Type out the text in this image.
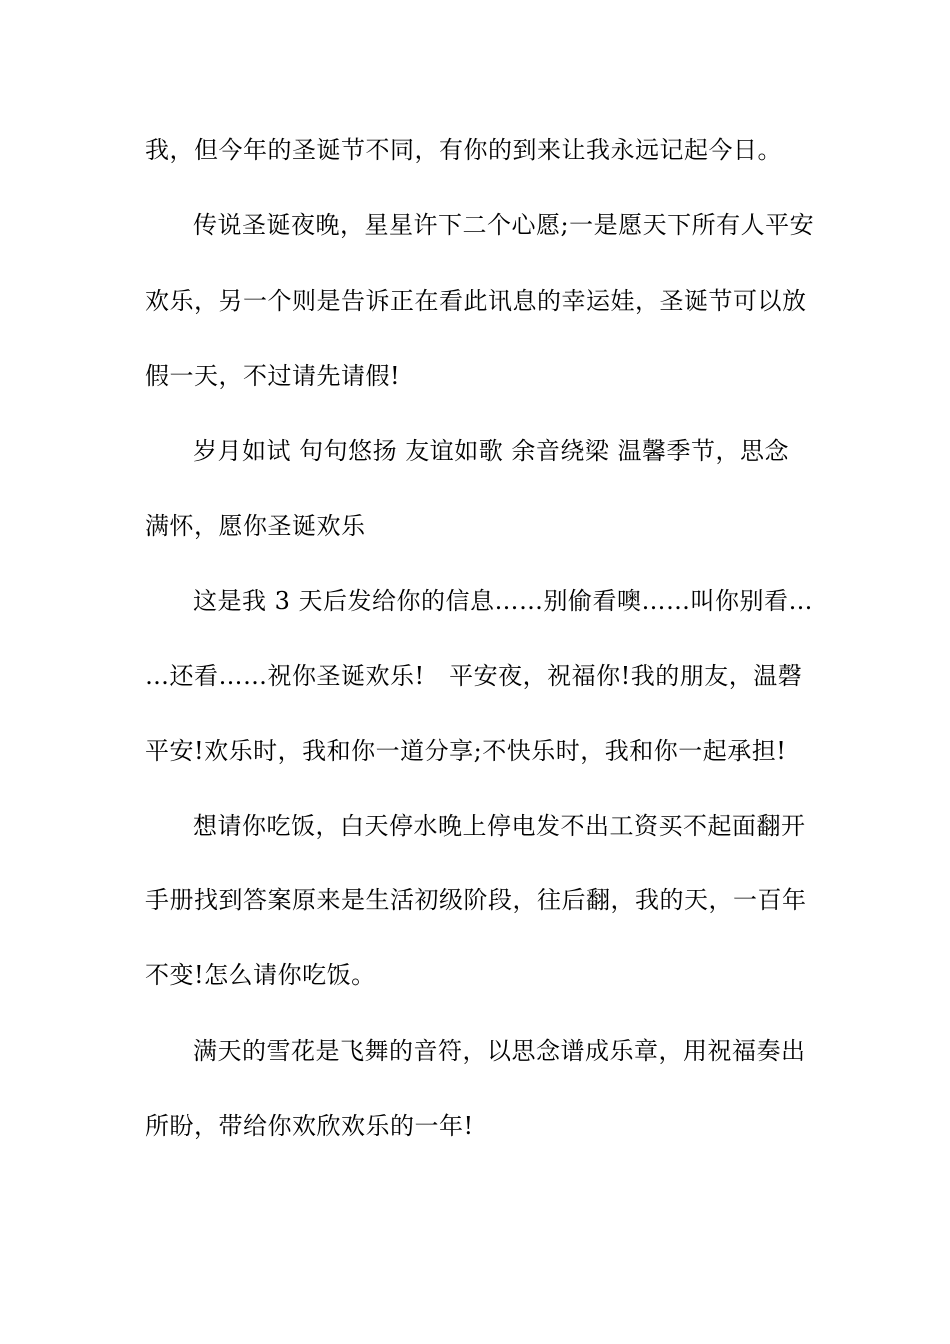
我，但今年的圣诞节不同，有你的到来让我永远记起今日。
传说圣诞夜晚，星星许下二个心愿;一是愿天下所有人平安
欢乐，另一个则是告诉正在看此讯息的幸运娃，圣诞节可以放
假一天，不过请先请假!
岁月如试 句句悠扬 友谊如歌 余音绕梁 温馨季节，思念
满怀，愿你圣诞欢乐
这是我 3 天后发给你的信息……别偷看噢……叫你别看…
…还看……祝你圣诞欢乐!　平安夜，祝福你!我的朋友，温磬
平安!欢乐时，我和你一道分享;不快乐时，我和你一起承担!
想请你吃饭，白天停水晚上停电发不出工资买不起面翻开
手册找到答案原来是生活初级阶段，往后翻，我的天，一百年
不变!怎么请你吃饭。
满天的雪花是飞舞的音符，以思念谱成乐章，用祝福奏出
所盼，带给你欢欣欢乐的一年!
